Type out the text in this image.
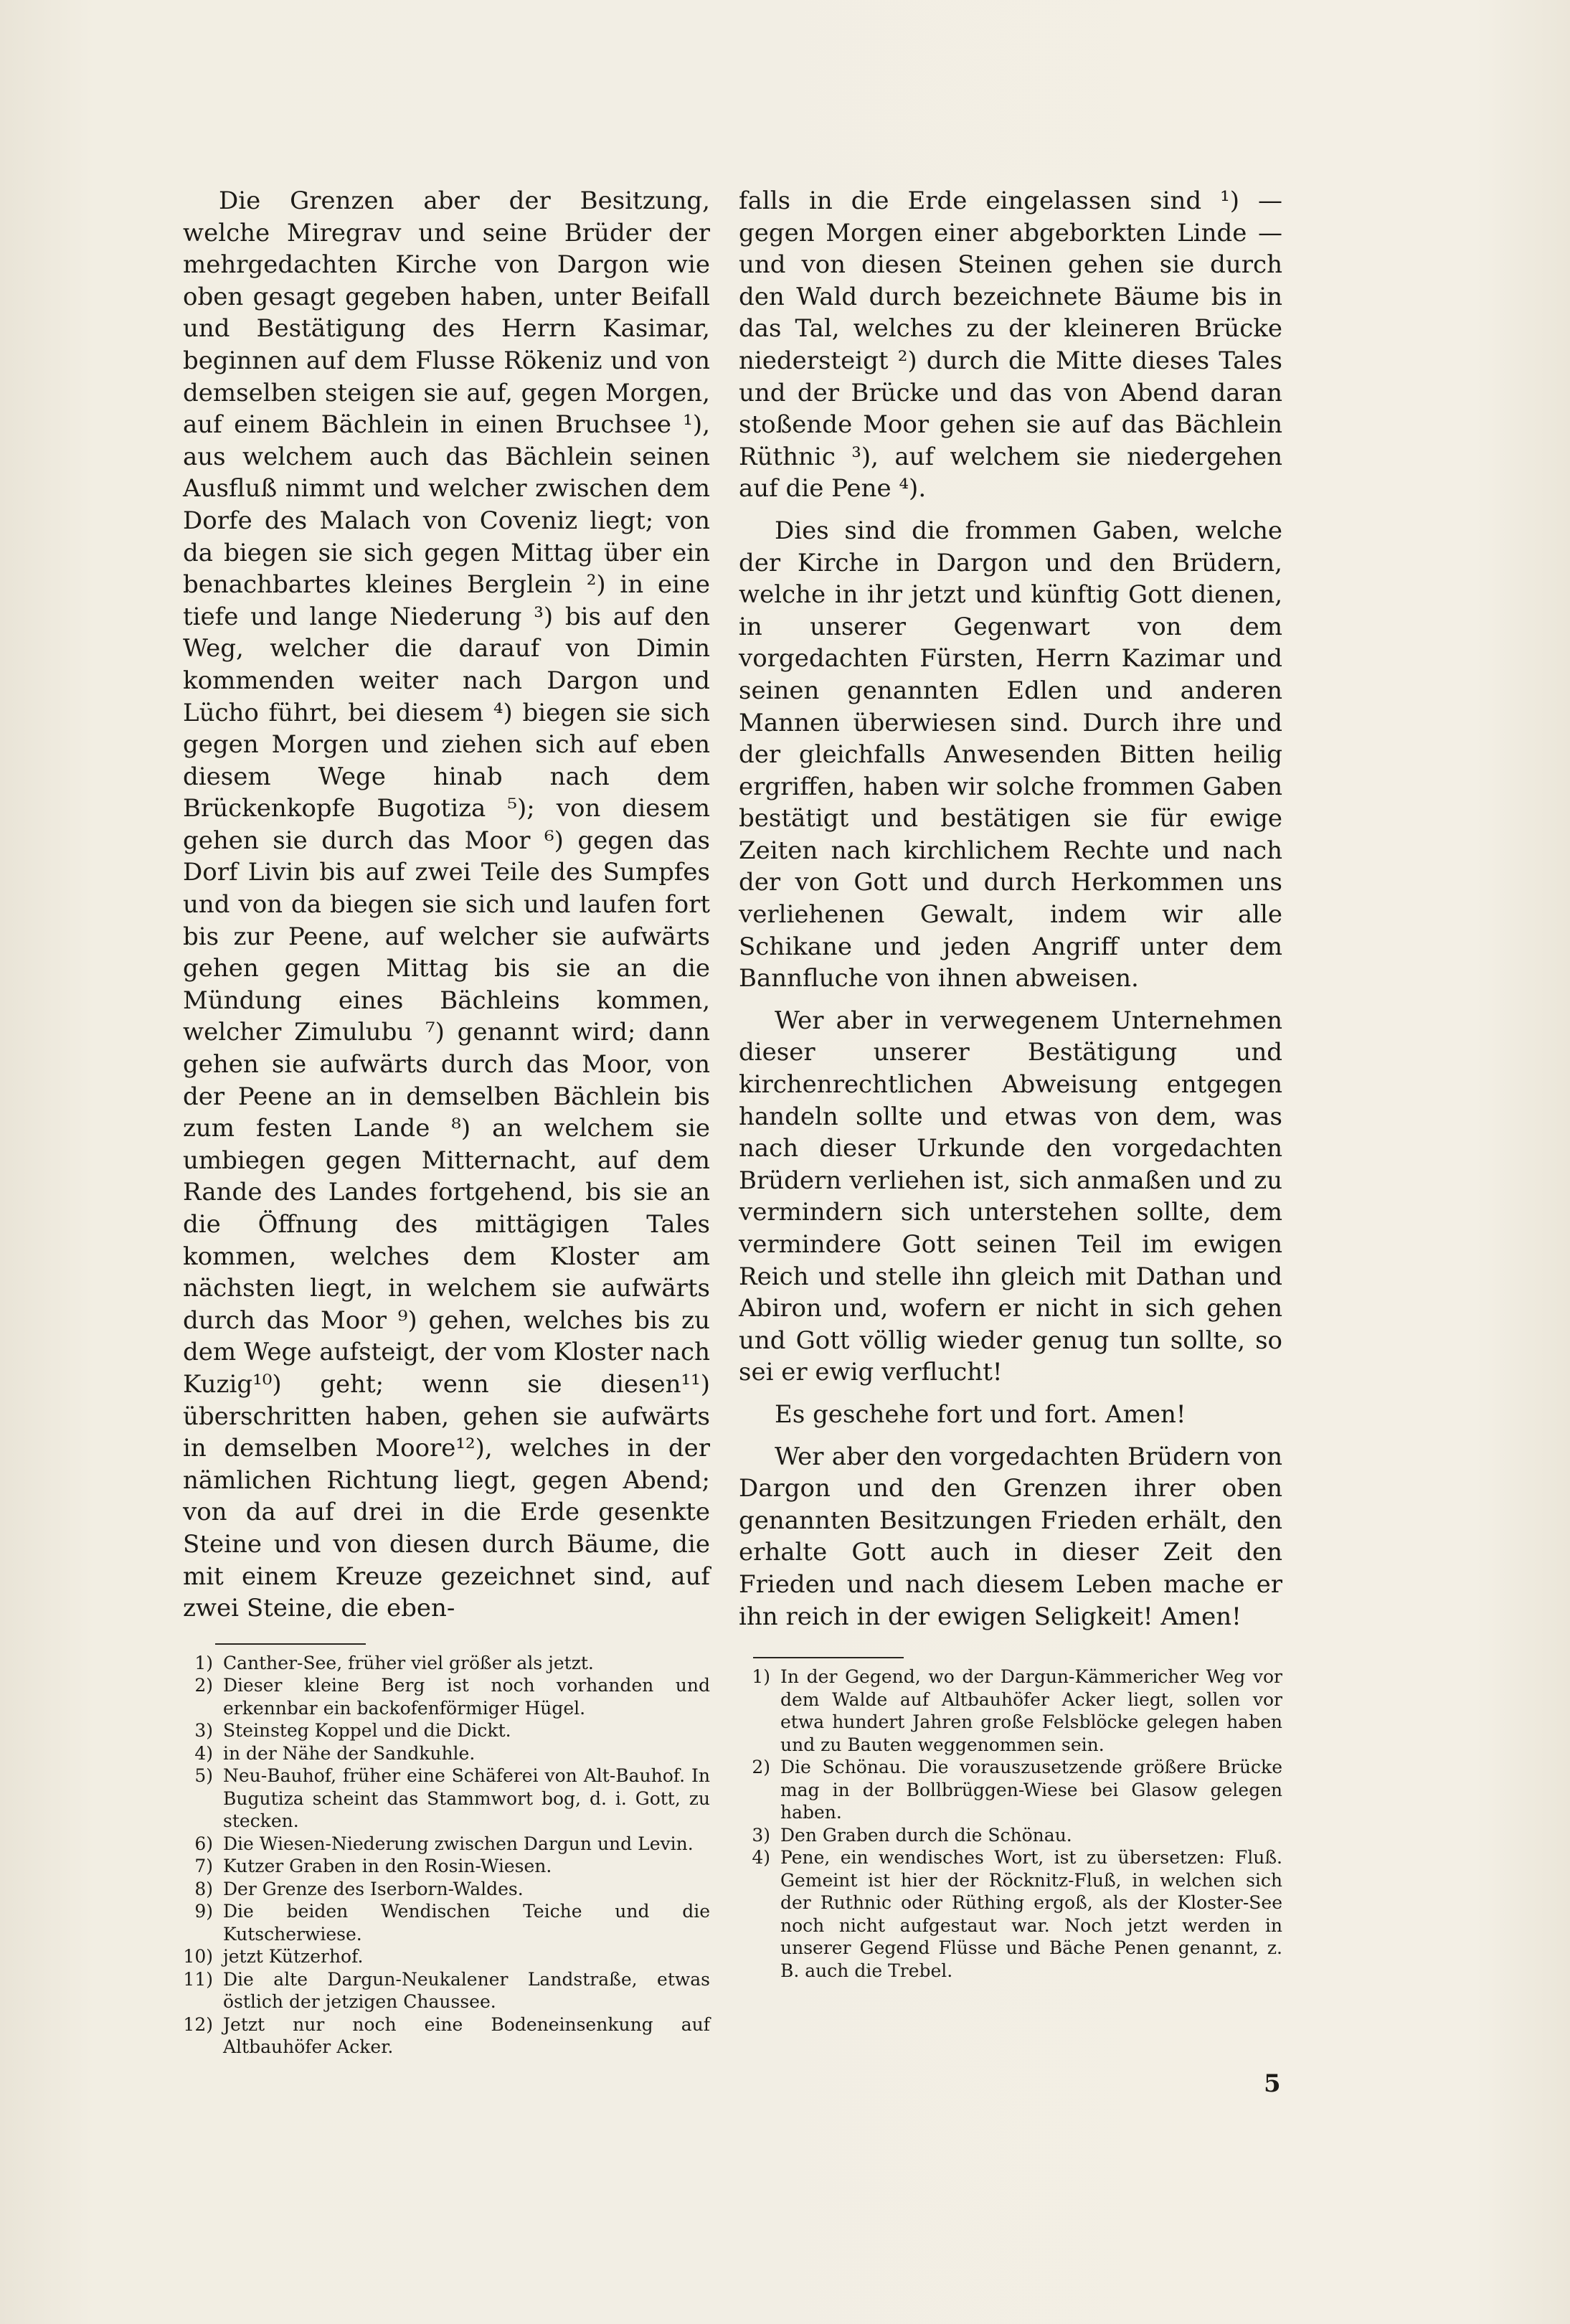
Die Grenzen aber der Besitzung, welche Miregrav und seine Brüder der mehrgedachten Kirche von Dargon wie oben gesagt gegeben haben, unter Beifall und Bestätigung des Herrn Kasimar, beginnen auf dem Flusse Rökeniz und von demselben steigen sie auf, gegen Morgen, auf einem Bächlein in einen Bruchsee ¹), aus welchem auch das Bächlein seinen Ausfluß nimmt und welcher zwischen dem Dorfe des Malach von Coveniz liegt; von da biegen sie sich gegen Mittag über ein benachbartes kleines Berglein ²) in eine tiefe und lange Niederung ³) bis auf den Weg, welcher die darauf von Dimin kommenden weiter nach Dargon und Lücho führt, bei diesem ⁴) biegen sie sich gegen Morgen und ziehen sich auf eben diesem Wege hinab nach dem Brückenkopfe Bugotiza ⁵); von diesem gehen sie durch das Moor ⁶) gegen das Dorf Livin bis auf zwei Teile des Sumpfes und von da biegen sie sich und laufen fort bis zur Peene, auf welcher sie aufwärts gehen gegen Mittag bis sie an die Mündung eines Bächleins kommen, welcher Zimulubu ⁷) genannt wird; dann gehen sie aufwärts durch das Moor, von der Peene an in demselben Bächlein bis zum festen Lande ⁸) an welchem sie umbiegen gegen Mitternacht, auf dem Rande des Landes fortgehend, bis sie an die Öffnung des mittägigen Tales kommen, welches dem Kloster am nächsten liegt, in welchem sie aufwärts durch das Moor ⁹) gehen, welches bis zu dem Wege aufsteigt, der vom Kloster nach Kuzig¹⁰) geht; wenn sie diesen¹¹) überschritten haben, gehen sie aufwärts in demselben Moore¹²), welches in der nämlichen Richtung liegt, gegen Abend; von da auf drei in die Erde gesenkte Steine und von diesen durch Bäume, die mit einem Kreuze gezeichnet sind, auf zwei Steine, die eben-

1) Canther-See, früher viel größer als jetzt.
2) Dieser kleine Berg ist noch vorhanden und erkennbar ein backofenförmiger Hügel.
3) Steinsteg Koppel und die Dickt.
4) in der Nähe der Sandkuhle.
5) Neu-Bauhof, früher eine Schäferei von Alt-Bauhof. In Bugutiza scheint das Stammwort bog, d. i. Gott, zu stecken.
6) Die Wiesen-Niederung zwischen Dargun und Levin.
7) Kutzer Graben in den Rosin-Wiesen.
8) Der Grenze des Iserborn-Waldes.
9) Die beiden Wendischen Teiche und die Kutscherwiese.
10) jetzt Kützerhof.
11) Die alte Dargun-Neukalener Landstraße, etwas östlich der jetzigen Chaussee.
12) Jetzt nur noch eine Bodeneinsenkung auf Altbauhöfer Acker.

falls in die Erde eingelassen sind ¹) — gegen Morgen einer abgeborkten Linde — und von diesen Steinen gehen sie durch den Wald durch bezeichnete Bäume bis in das Tal, welches zu der kleineren Brücke niedersteigt ²) durch die Mitte dieses Tales und der Brücke und das von Abend daran stoßende Moor gehen sie auf das Bächlein Rüthnic ³), auf welchem sie niedergehen auf die Pene ⁴).

Dies sind die frommen Gaben, welche der Kirche in Dargon und den Brüdern, welche in ihr jetzt und künftig Gott dienen, in unserer Gegenwart von dem vorgedachten Fürsten, Herrn Kazimar und seinen genannten Edlen und anderen Mannen überwiesen sind. Durch ihre und der gleichfalls Anwesenden Bitten heilig ergriffen, haben wir solche frommen Gaben bestätigt und bestätigen sie für ewige Zeiten nach kirchlichem Rechte und nach der von Gott und durch Herkommen uns verliehenen Gewalt, indem wir alle Schikane und jeden Angriff unter dem Bannfluche von ihnen abweisen.

Wer aber in verwegenem Unternehmen dieser unserer Bestätigung und kirchenrechtlichen Abweisung entgegen handeln sollte und etwas von dem, was nach dieser Urkunde den vorgedachten Brüdern verliehen ist, sich anmaßen und zu vermindern sich unterstehen sollte, dem vermindere Gott seinen Teil im ewigen Reich und stelle ihn gleich mit Dathan und Abiron und, wofern er nicht in sich gehen und Gott völlig wieder genug tun sollte, so sei er ewig verflucht!

Es geschehe fort und fort. Amen!

Wer aber den vorgedachten Brüdern von Dargon und den Grenzen ihrer oben genannten Besitzungen Frieden erhält, den erhalte Gott auch in dieser Zeit den Frieden und nach diesem Leben mache er ihn reich in der ewigen Seligkeit! Amen!

1) In der Gegend, wo der Dargun-Kämmericher Weg vor dem Walde auf Altbauhöfer Acker liegt, sollen vor etwa hundert Jahren große Felsblöcke gelegen haben und zu Bauten weggenommen sein.
2) Die Schönau. Die vorauszusetzende größere Brücke mag in der Bollbrüggen-Wiese bei Glasow gelegen haben.
3) Den Graben durch die Schönau.
4) Pene, ein wendisches Wort, ist zu übersetzen: Fluß. Gemeint ist hier der Röcknitz-Fluß, in welchen sich der Ruthnic oder Rüthing ergoß, als der Kloster-See noch nicht aufgestaut war. Noch jetzt werden in unserer Gegend Flüsse und Bäche Penen genannt, z. B. auch die Trebel.
5
